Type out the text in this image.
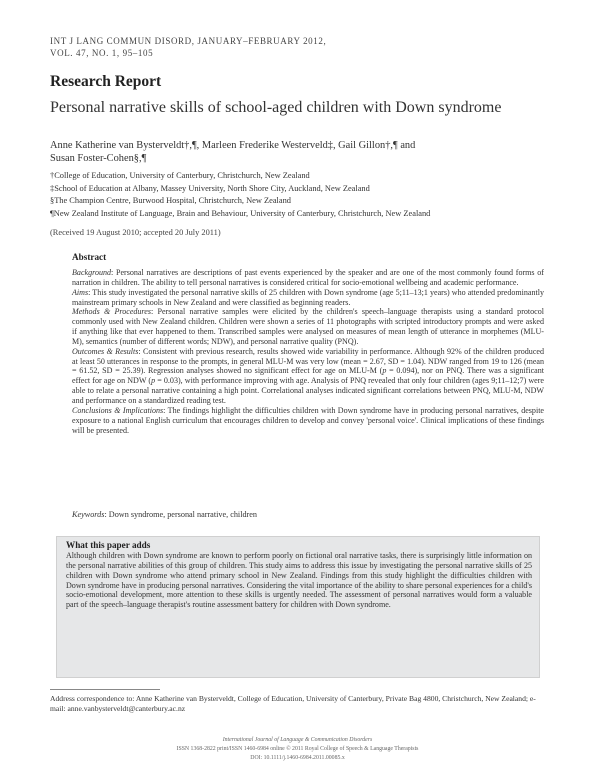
INT J LANG COMMUN DISORD, JANUARY–FEBRUARY 2012,
VOL. 47, NO. 1, 95–105
Research Report
Personal narrative skills of school-aged children with Down syndrome
Anne Katherine van Bysterveldt†,¶, Marleen Frederike Westerveld‡, Gail Gillon†,¶ and
Susan Foster-Cohen§,¶
†College of Education, University of Canterbury, Christchurch, New Zealand
‡School of Education at Albany, Massey University, North Shore City, Auckland, New Zealand
§The Champion Centre, Burwood Hospital, Christchurch, New Zealand
¶New Zealand Institute of Language, Brain and Behaviour, University of Canterbury, Christchurch, New Zealand
(Received 19 August 2010; accepted 20 July 2011)
Abstract

Background: Personal narratives are descriptions of past events experienced by the speaker and are one of the most commonly found forms of narration in children. The ability to tell personal narratives is considered critical for socio-emotional wellbeing and academic performance.

Aims: This study investigated the personal narrative skills of 25 children with Down syndrome (age 5;11–13;1 years) who attended predominantly mainstream primary schools in New Zealand and were classified as beginning readers.

Methods & Procedures: Personal narrative samples were elicited by the children's speech–language therapists using a standard protocol commonly used with New Zealand children. Children were shown a series of 11 photographs with scripted introductory prompts and were asked if anything like that ever happened to them. Transcribed samples were analysed on measures of mean length of utterance in morphemes (MLU-M), semantics (number of different words; NDW), and personal narrative quality (PNQ).

Outcomes & Results: Consistent with previous research, results showed wide variability in performance. Although 92% of the children produced at least 50 utterances in response to the prompts, in general MLU-M was very low (mean = 2.67, SD = 1.04). NDW ranged from 19 to 126 (mean = 61.52, SD = 25.39). Regression analyses showed no significant effect for age on MLU-M (p = 0.094), nor on PNQ. There was a significant effect for age on NDW (p = 0.03), with performance improving with age. Analysis of PNQ revealed that only four children (ages 9;11–12;7) were able to relate a personal narrative containing a high point. Correlational analyses indicated significant correlations between PNQ, MLU-M, NDW and performance on a standardized reading test.

Conclusions & Implications: The findings highlight the difficulties children with Down syndrome have in producing personal narratives, despite exposure to a national English curriculum that encourages children to develop and convey 'personal voice'. Clinical implications of these findings will be presented.

Keywords: Down syndrome, personal narrative, children
What this paper adds
Although children with Down syndrome are known to perform poorly on fictional oral narrative tasks, there is surprisingly little information on the personal narrative abilities of this group of children. This study aims to address this issue by investigating the personal narrative skills of 25 children with Down syndrome who attend primary school in New Zealand. Findings from this study highlight the difficulties children with Down syndrome have in producing personal narratives. Considering the vital importance of the ability to share personal experiences for a child's socio-emotional development, more attention to these skills is urgently needed. The assessment of personal narratives would form a valuable part of the speech–language therapist's routine assessment battery for children with Down syndrome.
Address correspondence to: Anne Katherine van Bysterveldt, College of Education, University of Canterbury, Private Bag 4800, Christchurch, New Zealand; e-mail: anne.vanbysterveldt@canterbury.ac.nz
International Journal of Language & Communication Disorders
ISSN 1368-2822 print/ISSN 1460-6984 online © 2011 Royal College of Speech & Language Therapists
DOI: 10.1111/j.1460-6984.2011.00085.x
